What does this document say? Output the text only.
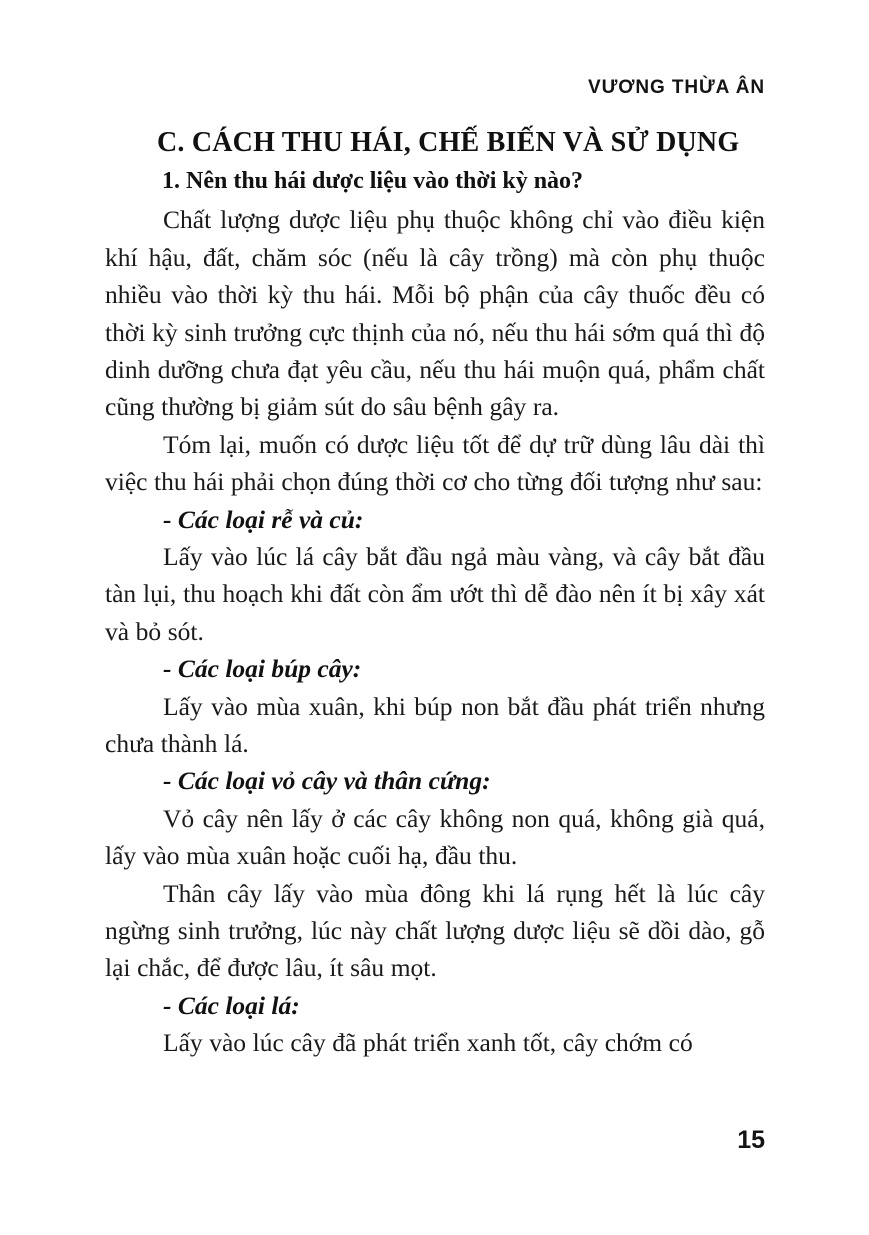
VƯƠNG THỪA ÂN
C. CÁCH THU HÁI, CHẾ BIẾN VÀ SỬ DỤNG
1. Nên thu hái dược liệu vào thời kỳ nào?

Chất lượng dược liệu phụ thuộc không chỉ vào điều kiện khí hậu, đất, chăm sóc (nếu là cây trồng) mà còn phụ thuộc nhiều vào thời kỳ thu hái. Mỗi bộ phận của cây thuốc đều có thời kỳ sinh trưởng cực thịnh của nó, nếu thu hái sớm quá thì độ dinh dưỡng chưa đạt yêu cầu, nếu thu hái muộn quá, phẩm chất cũng thường bị giảm sút do sâu bệnh gây ra.

Tóm lại, muốn có dược liệu tốt để dự trữ dùng lâu dài thì việc thu hái phải chọn đúng thời cơ cho từng đối tượng như sau:

- Các loại rễ và củ:

Lấy vào lúc lá cây bắt đầu ngả màu vàng, và cây bắt đầu tàn lụi, thu hoạch khi đất còn ẩm ướt thì dễ đào nên ít bị xây xát và bỏ sót.

- Các loại búp cây:

Lấy vào mùa xuân, khi búp non bắt đầu phát triển nhưng chưa thành lá.

- Các loại vỏ cây và thân cứng:

Vỏ cây nên lấy ở các cây không non quá, không già quá, lấy vào mùa xuân hoặc cuối hạ, đầu thu.

Thân cây lấy vào mùa đông khi lá rụng hết là lúc cây ngừng sinh trưởng, lúc này chất lượng dược liệu sẽ dồi dào, gỗ lại chắc, để được lâu, ít sâu mọt.

- Các loại lá:

Lấy vào lúc cây đã phát triển xanh tốt, cây chớm có

15
